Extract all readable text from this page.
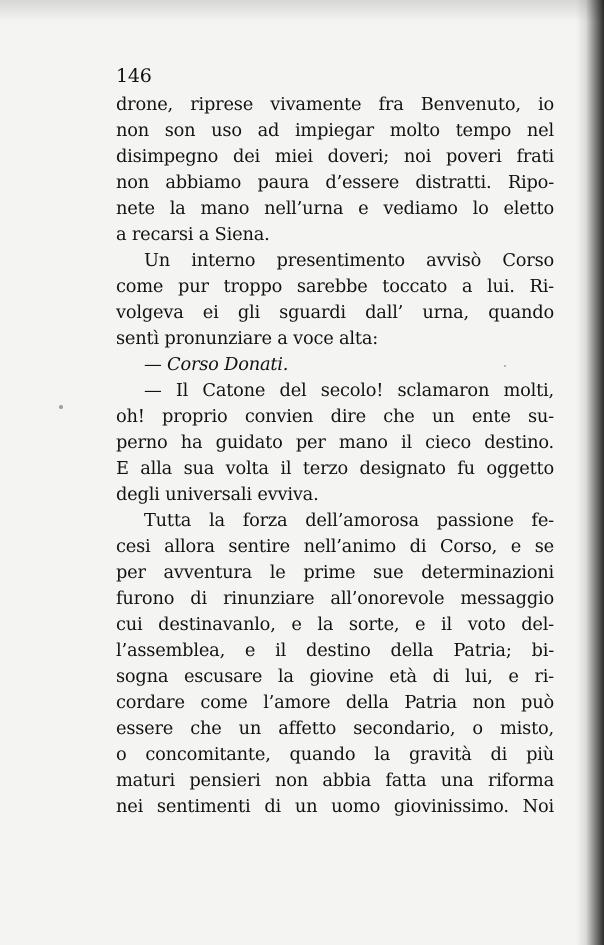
146
drone, riprese vivamente fra Benvenuto, io
non son uso ad impiegar molto tempo nel
disimpegno dei miei doveri; noi poveri frati
non abbiamo paura d’essere distratti. Ripo-
nete la mano nell’urna e vediamo lo eletto
a recarsi a Siena.
Un interno presentimento avvisò Corso
come pur troppo sarebbe toccato a lui. Ri-
volgeva ei gli sguardi dall’ urna, quando
sentì pronunziare a voce alta:
— Corso Donati.
— Il Catone del secolo! sclamaron molti,
oh! proprio convien dire che un ente su-
perno ha guidato per mano il cieco destino.
E alla sua volta il terzo designato fu oggetto
degli universali evviva.
Tutta la forza dell’amorosa passione fe-
cesi allora sentire nell’animo di Corso, e se
per avventura le prime sue determinazioni
furono di rinunziare all’onorevole messaggio
cui destinavanlo, e la sorte, e il voto del-
l’assemblea, e il destino della Patria; bi-
sogna escusare la giovine età di lui, e ri-
cordare come l’amore della Patria non può
essere che un affetto secondario, o misto,
o concomitante, quando la gravità di più
maturi pensieri non abbia fatta una riforma
nei sentimenti di un uomo giovinissimo. Noi
